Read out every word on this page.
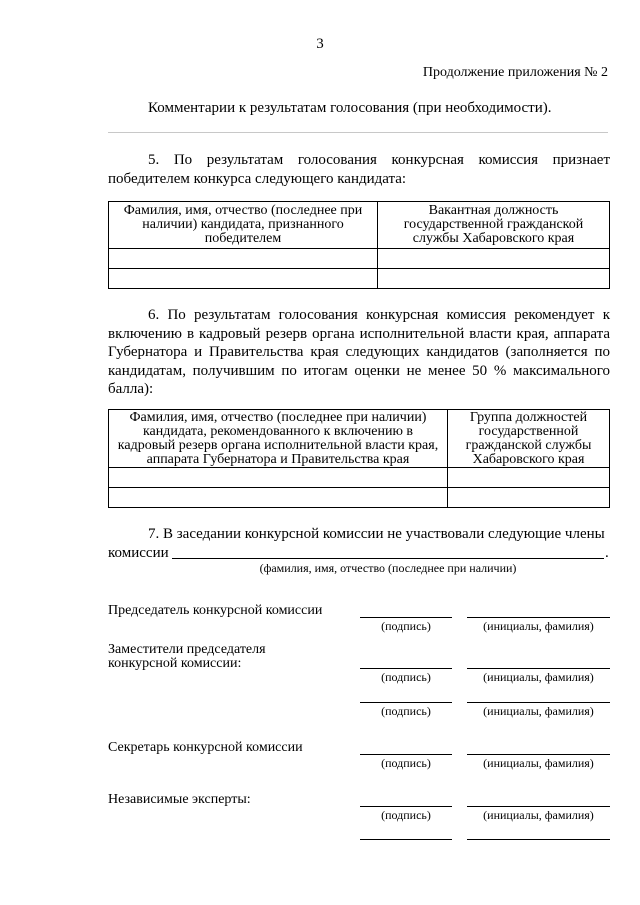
3
Продолжение приложения № 2
Комментарии к результатам голосования (при необходимости).
5. По результатам голосования конкурсная комиссия признает победителем конкурса следующего кандидата:
Фамилия, имя, отчество (последнее при наличии) кандидата, признанного победителем	Вакантная должность государственной гражданской службы Хабаровского края

6. По результатам голосования конкурсная комиссия рекомендует к включению в кадровый резерв органа исполнительной власти края, аппарата Губернатора и Правительства края следующих кандидатов (заполняется по кандидатам, получившим по итогам оценки не менее 50 % максимального балла):
Фамилия, имя, отчество (последнее при наличии) кандидата, рекомендованного к включению в кадровый резерв органа исполнительной власти края, аппарата Губернатора и Правительства края	Группа должностей государственной гражданской службы Хабаровского края

7. В заседании конкурсной комиссии не участвовали следующие члены
комиссии	.
(фамилия, имя, отчество (последнее при наличии)
Председатель конкурсной комиссии
(подпись)	(инициалы, фамилия)
Заместители председателя
конкурсной комиссии:
(подпись)	(инициалы, фамилия)
(подпись)	(инициалы, фамилия)
Секретарь конкурсной комиссии
(подпись)	(инициалы, фамилия)
Независимые эксперты:
(подпись)	(инициалы, фамилия)
